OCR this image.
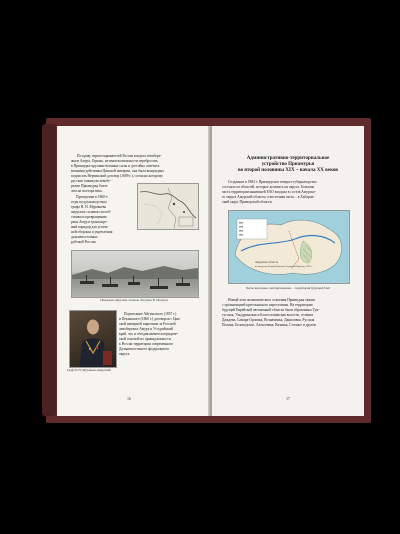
По праву первооткрывателей Россия владела левобере-
жьем Амура. Однако, не имея возможности перебросить
в Приамурье крупные военные силы и достойно ответить
военным действиям Цинской империи, она была вынуждена
подписать Нерчинский договор (1689 г.), согласно которому
русские покинули левобе-
режье Приамурья более
чем на полтора века.
Проведение в 1860-е
годы под руководством
графа Н. Н. Муравьева
амурских сплавов способ-
ствовало превращению
реки Амур в транспорт-
ный коридор для успеш-
ной обороны и укрепления
дальневосточных
рубежей России.
Панорама амурских сплавов. Рисунок В. Пелегри
Граф Н. Н. Муравьев-Амурский
Подписание Айгуньского (1857 г.)
и Пекинского (1860 г.) договоров с Цин-
ской империей закрепили за Россией
левобережье Амура и Уссурийский
край, что и сегодня является юридиче-
ской основой их принадлежности
к России территории современного
Дальневосточного федерального
округа.
16
Административно-территориальное
устройство Приамурья
во второй половины XIX – начала XX веков
Созданное в 1884 г. Приамурское генерал-губернаторство
состояло из областей, которые делились на округа. Большая
часть территории нынешней ЕАО входила в состав Амурско-
го округа Амурской области, а восточная часть – в Хабаров-
ский округ Приморской области.
Амурская область
во владении Первой Верхней Амурской Пароход. 1907 г.
Белое верховное заштрихованное – территория будущей ЕАО
Новый этап экономического освоения Приамурья связан
с организацией крестьянского переселения. На территории
будущей Еврейской автономной области были образованы Тун-
гусская, Ульдуринская и Благословенская волости, селения
Даждева, Самара-Орловка, Вознаменка, Даниловка, Русская
Поляна, Беловодское, Алексеевка, Казанка, Степное и другие.
17
